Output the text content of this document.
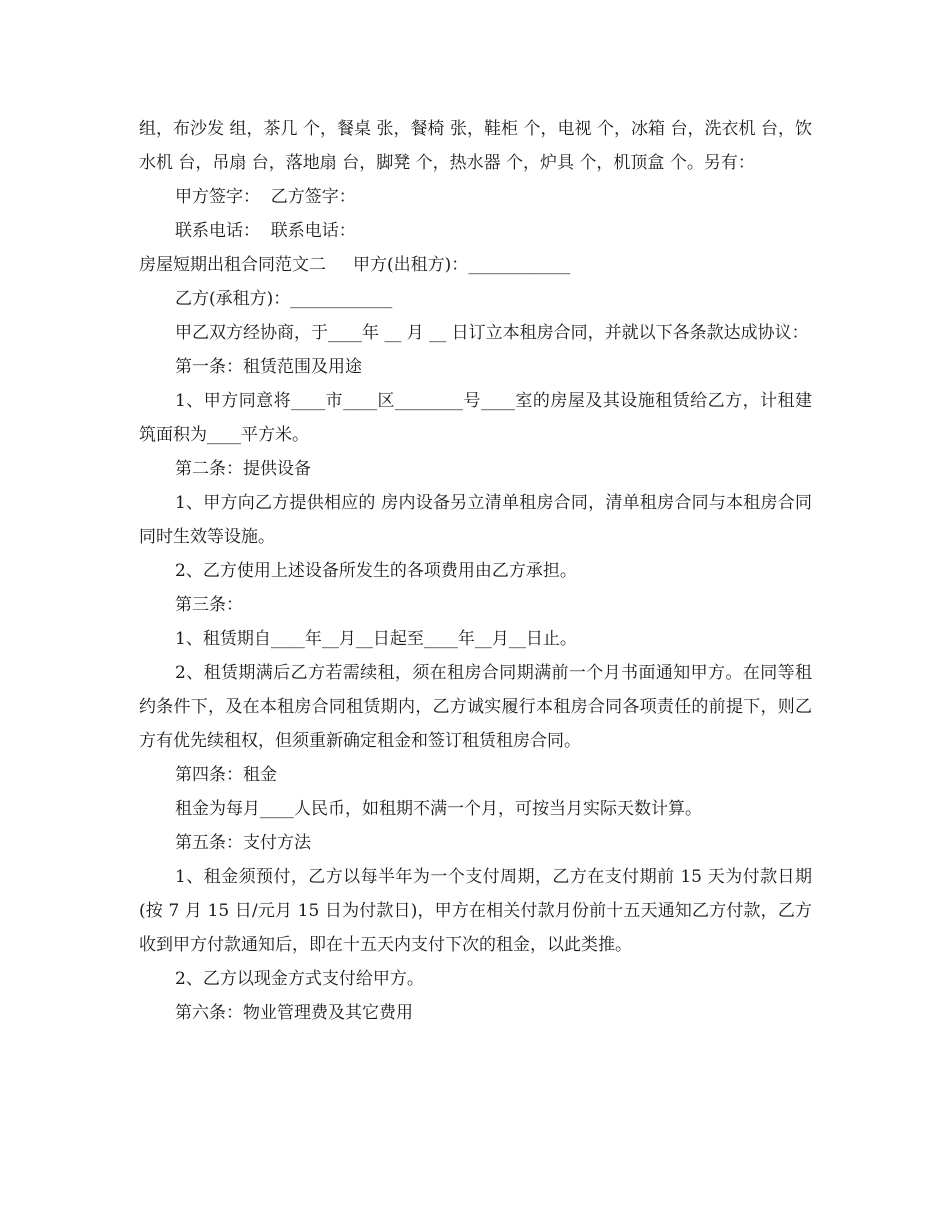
组，布沙发 组，茶几 个，餐桌 张，餐椅 张，鞋柜 个，电视 个，冰箱 台，洗衣机 台，饮水机 台，吊扇 台，落地扇 台，脚凳 个，热水器 个，炉具 个，机顶盒 个。另有：

甲方签字：  乙方签字：

联系电话：  联系电话：

房屋短期出租合同范文二     甲方(出租方)：____________

乙方(承租方)：____________

甲乙双方经协商，于____年 __ 月 __ 日订立本租房合同，并就以下各条款达成协议：

第一条：租赁范围及用途

1、甲方同意将____市____区________号____室的房屋及其设施租赁给乙方，计租建筑面积为____平方米。

第二条：提供设备

1、甲方向乙方提供相应的 房内设备另立清单租房合同，清单租房合同与本租房合同同时生效等设施。

2、乙方使用上述设备所发生的各项费用由乙方承担。

第三条：

1、租赁期自____年__月__日起至____年__月__日止。

2、租赁期满后乙方若需续租，须在租房合同期满前一个月书面通知甲方。在同等租约条件下，及在本租房合同租赁期内，乙方诚实履行本租房合同各项责任的前提下，则乙方有优先续租权，但须重新确定租金和签订租赁租房合同。

第四条：租金

租金为每月____人民币，如租期不满一个月，可按当月实际天数计算。

第五条：支付方法

1、租金须预付，乙方以每半年为一个支付周期，乙方在支付期前 15 天为付款日期(按 7 月 15 日/元月 15 日为付款日)，甲方在相关付款月份前十五天通知乙方付款，乙方收到甲方付款通知后，即在十五天内支付下次的租金，以此类推。

2、乙方以现金方式支付给甲方。

第六条：物业管理费及其它费用
